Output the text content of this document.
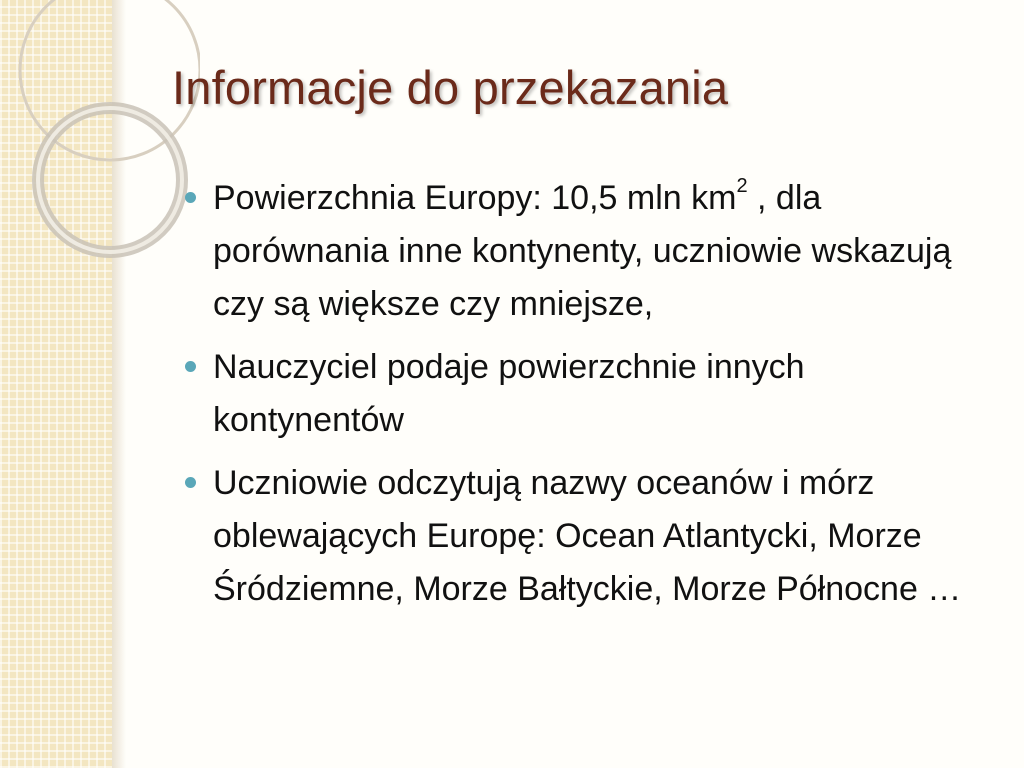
Informacje do przekazania
Powierzchnia Europy: 10,5 mln $km^2$ , dla porównania inne kontynenty, uczniowie wskazują czy są większe czy mniejsze,
Nauczyciel podaje powierzchnie innych kontynentów
Uczniowie odczytują nazwy oceanów i mórz oblewających Europę: Ocean Atlantycki, Morze Śródziemne, Morze Bałtyckie, Morze Północne …
